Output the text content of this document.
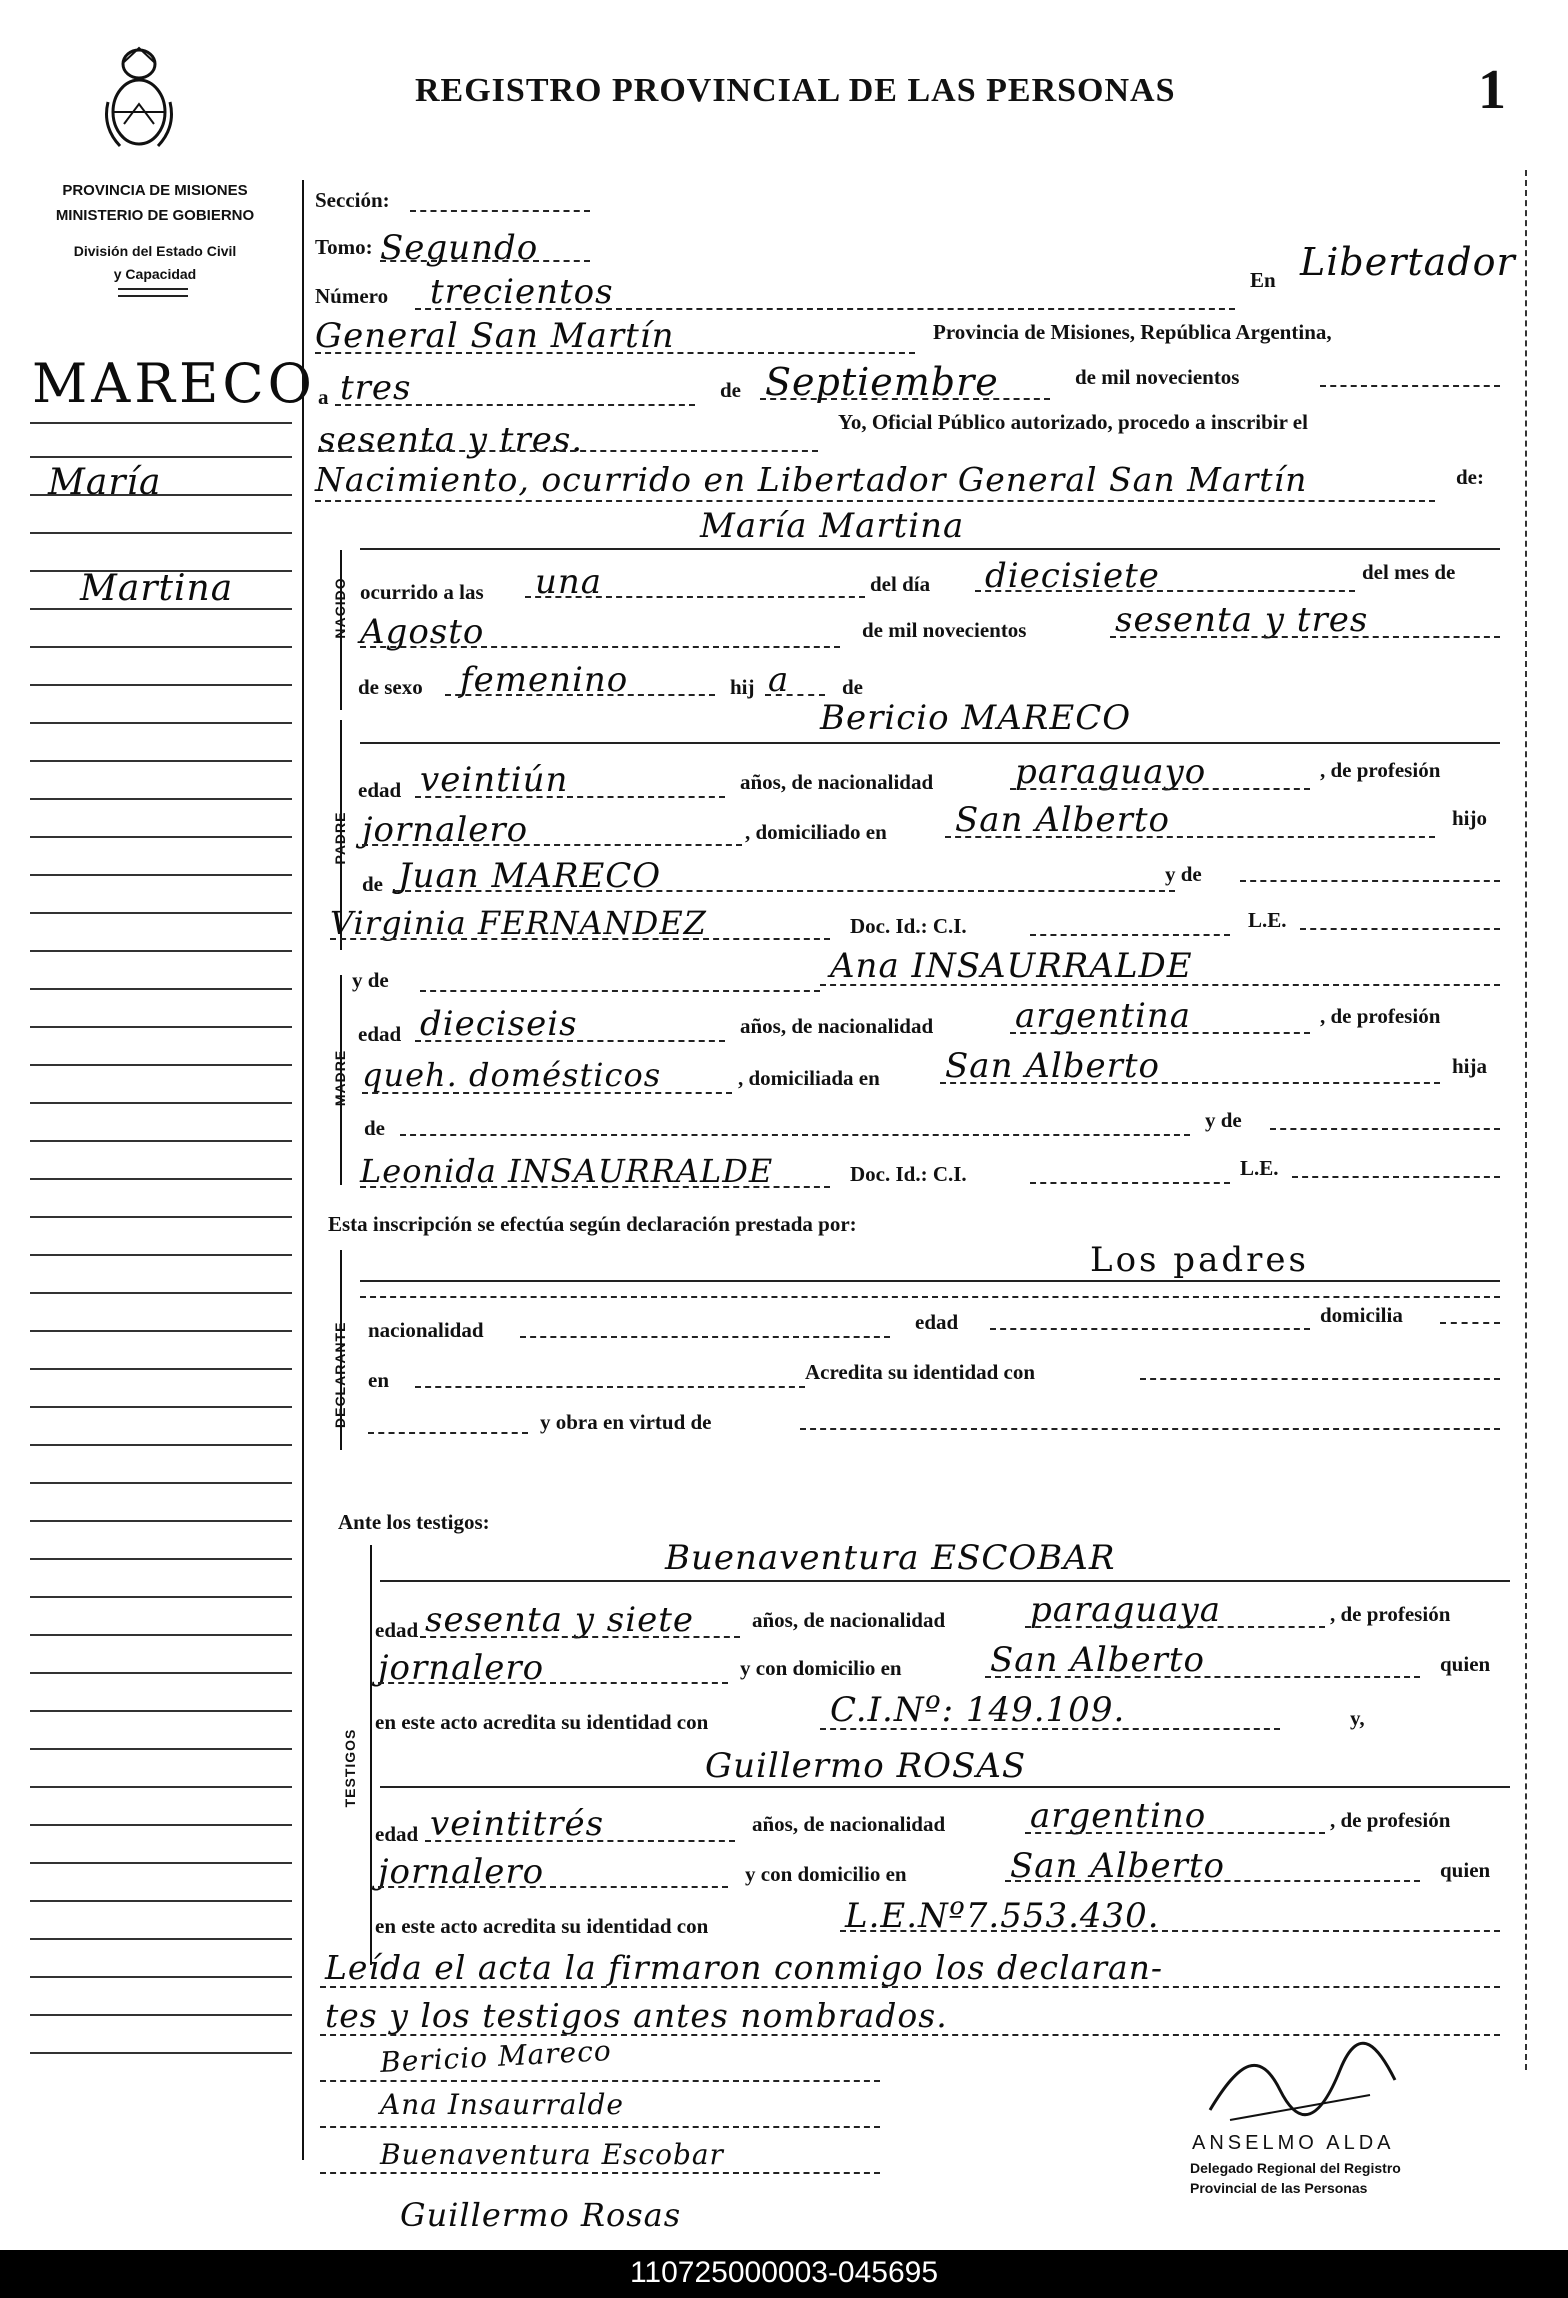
REGISTRO PROVINCIAL DE LAS PERSONAS	1
PROVINCIA DE MISIONES
MINISTERIO DE GOBIERNO
División del Estado Civil
y Capacidad
MARECO
María
Martina
Sección:
Tomo: Segundo
Número trecientos	En Libertador
General San Martín	Provincia de Misiones, República Argentina,
a tres	de Septiembre	de mil novecientos
sesenta y tres.	Yo, Oficial Público autorizado, procedo a inscribir el
Nacimiento, ocurrido en Libertador General San Martín	de:
NACIDO
María Martina
ocurrido a las una	del día diecisiete	del mes de
Agosto	de mil novecientos	sesenta y tres
de sexo femenino	hij a	de
PADRE
Bericio MARECO
edad veintiún	años, de nacionalidad paraguayo	, de profesión
jornalero	, domiciliado en San Alberto	hijo
de Juan MARECO	y de
Virginia FERNANDEZ	Doc. Id.: C.I.	L.E.
MADRE
y de	Ana INSAURRALDE
edad dieciseis	años, de nacionalidad argentina	, de profesión
queh. domésticos	, domiciliada en San Alberto	hija
de	y de
Leonida INSAURRALDE	Doc. Id.: C.I.	L.E.
Esta inscripción se efectúa según declaración prestada por:
DECLARANTE
Los padres
nacionalidad	edad	domicilia
en	Acredita su identidad con
y obra en virtud de
Ante los testigos:
TESTIGOS
Buenaventura ESCOBAR
edad sesenta y siete	años, de nacionalidad paraguaya	, de profesión
jornalero	y con domicilio en	San Alberto	quien
en este acto acredita su identidad con	C.I.Nº: 149.109.	y,
Guillermo ROSAS
edad veintitrés	años, de nacionalidad argentino	, de profesión
jornalero	y con domicilio en	San Alberto	quien
en este acto acredita su identidad con	L.E.Nº7.553.430.
Leída el acta la firmaron conmigo los declaran-
tes y los testigos antes nombrados.
Bericio Mareco
Ana Insaurralde
Buenaventura Escobar
Guillermo Rosas
ANSELMO ALDA
Delegado Regional del Registro
Provincial de las Personas
110725000003-045695
